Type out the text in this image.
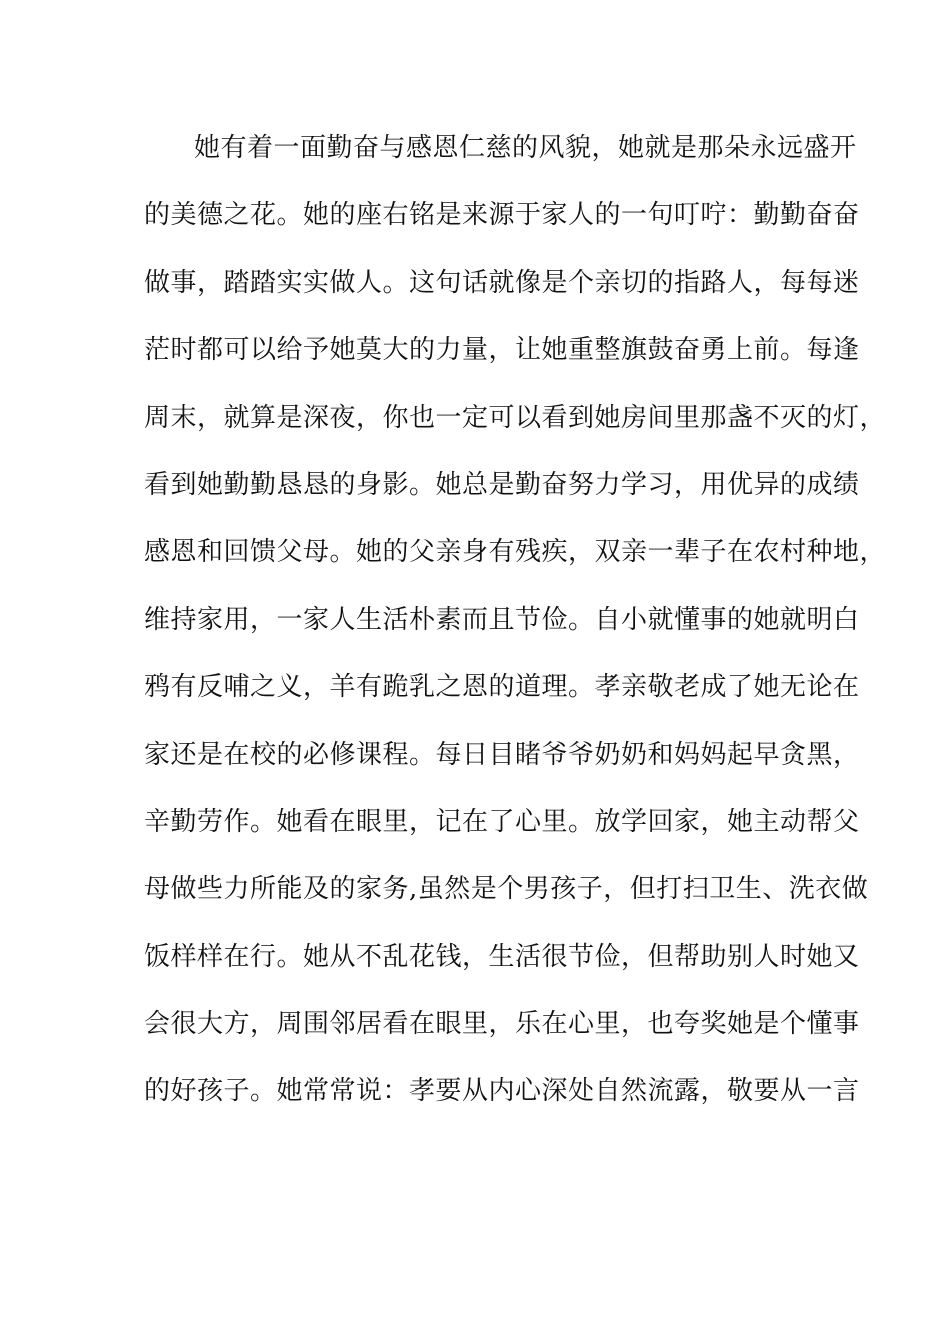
她有着一面勤奋与感恩仁慈的风貌，她就是那朵永远盛开
的美德之花。她的座右铭是来源于家人的一句叮咛：勤勤奋奋
做事，踏踏实实做人。这句话就像是个亲切的指路人，每每迷
茫时都可以给予她莫大的力量，让她重整旗鼓奋勇上前。每逢
周末，就算是深夜，你也一定可以看到她房间里那盏不灭的灯，
看到她勤勤恳恳的身影。她总是勤奋努力学习，用优异的成绩
感恩和回馈父母。她的父亲身有残疾，双亲一辈子在农村种地，
维持家用，一家人生活朴素而且节俭。自小就懂事的她就明白
鸦有反哺之义，羊有跪乳之恩的道理。孝亲敬老成了她无论在
家还是在校的必修课程。每日目睹爷爷奶奶和妈妈起早贪黑，
辛勤劳作。她看在眼里，记在了心里。放学回家，她主动帮父
母做些力所能及的家务,虽然是个男孩子，但打扫卫生、洗衣做
饭样样在行。她从不乱花钱，生活很节俭，但帮助别人时她又
会很大方，周围邻居看在眼里，乐在心里，也夸奖她是个懂事
的好孩子。她常常说：孝要从内心深处自然流露，敬要从一言
